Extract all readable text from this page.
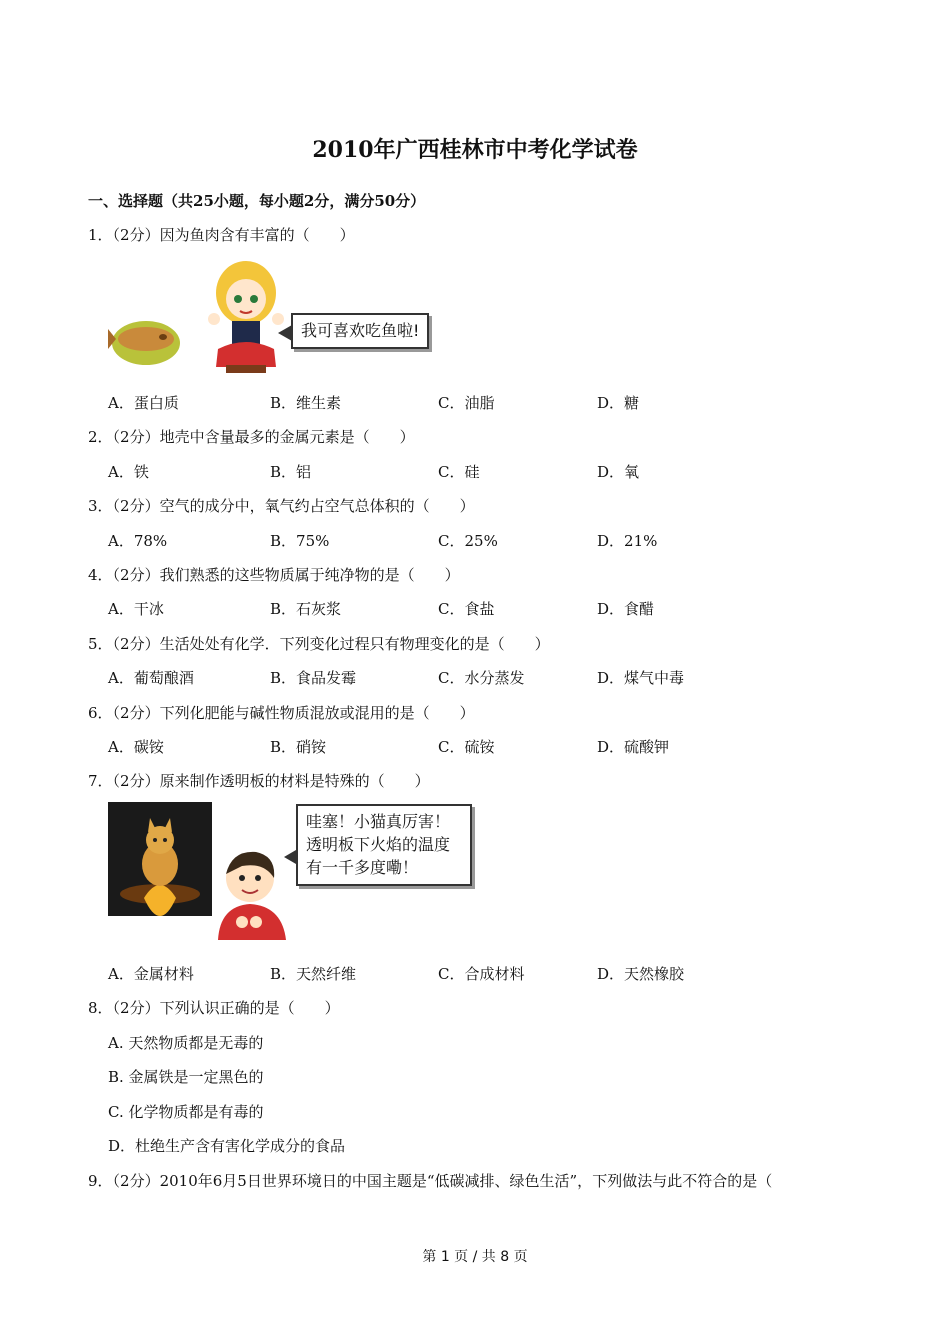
2010年广西桂林市中考化学试卷
一、选择题（共25小题，每小题2分，满分50分）
1．（2分）因为鱼肉含有丰富的（　　）
我可喜欢吃鱼啦!
A．蛋白质	B．维生素	C．油脂	D．糖
2．（2分）地壳中含量最多的金属元素是（　　）
A．铁	B．铝	C．硅	D．氧
3．（2分）空气的成分中，氧气约占空气总体积的（　　）
A．78%	B．75%	C．25%	D．21%
4．（2分）我们熟悉的这些物质属于纯净物的是（　　）
A．干冰	B．石灰浆	C．食盐	D．食醋
5．（2分）生活处处有化学．下列变化过程只有物理变化的是（　　）
A．葡萄酿酒	B．食品发霉	C．水分蒸发	D．煤气中毒
6．（2分）下列化肥能与碱性物质混放或混用的是（　　）
A．碳铵	B．硝铵	C．硫铵	D．硫酸钾
7．（2分）原来制作透明板的材料是特殊的（　　）
哇塞！小猫真厉害！
透明板下火焰的温度
有一千多度嘞！
A．金属材料	B．天然纤维	C．合成材料	D．天然橡胶
8．（2分）下列认识正确的是（　　）
A. 天然物质都是无毒的
B. 金属铁是一定黑色的
C. 化学物质都是有毒的
D．杜绝生产含有害化学成分的食品
9．（2分）2010年6月5日世界环境日的中国主题是“低碳减排、绿色生活”，下列做法与此不符合的是（
第 1 页 / 共 8 页
